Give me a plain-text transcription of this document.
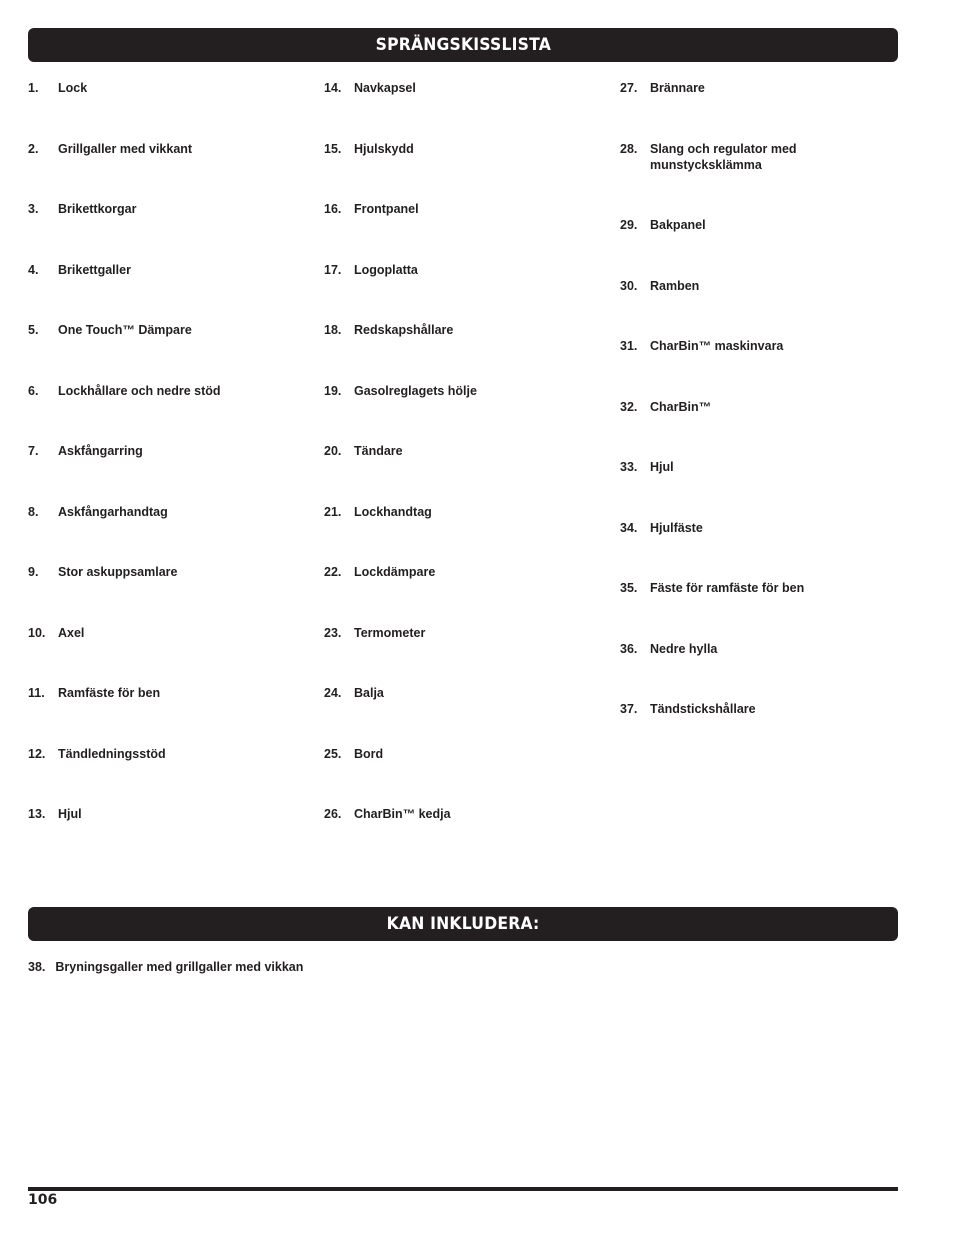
SPRÄNGSKISSLISTA
1. Lock
2. Grillgaller med vikkant
3. Brikettkorgar
4. Brikettgaller
5. One Touch™ Dämpare
6. Lockhållare och nedre stöd
7. Askfångarring
8. Askfångarhandtag
9. Stor askuppsamlare
10. Axel
11. Ramfäste för ben
12. Tändledningsstöd
13. Hjul
14. Navkapsel
15. Hjulskydd
16. Frontpanel
17. Logoplatta
18. Redskapshållare
19. Gasolreglagets hölje
20. Tändare
21. Lockhandtag
22. Lockdämpare
23. Termometer
24. Balja
25. Bord
26. CharBin™ kedja
27. Brännare
28. Slang och regulator med munstycksklämma
29. Bakpanel
30. Ramben
31. CharBin™ maskinvara
32. CharBin™
33. Hjul
34. Hjulfäste
35. Fäste för ramfäste för ben
36. Nedre hylla
37. Tändstickshållare
KAN INKLUDERA:
38. Bryningsgaller med grillgaller med vikkan
106
